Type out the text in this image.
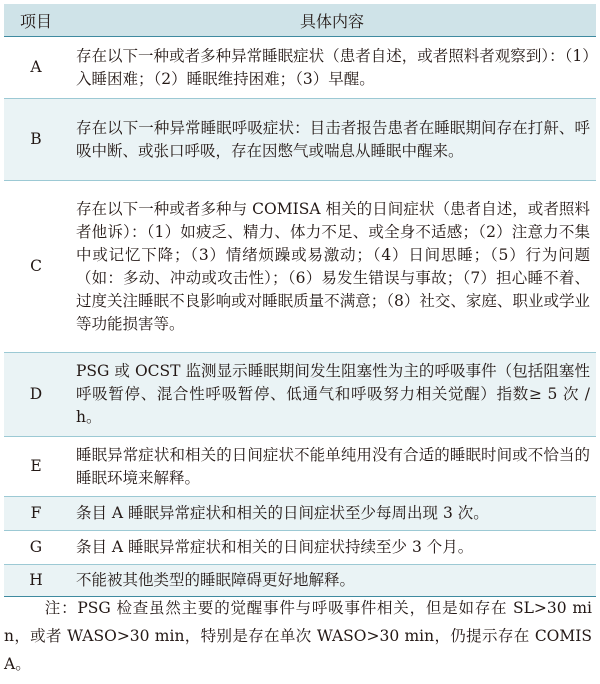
项目	具体内容
A	存在以下一种或者多种异常睡眠症状（患者自述，或者照料者观察到）：（1）入睡困难；（2）睡眠维持困难；（3）早醒。
B	存在以下一种异常睡眠呼吸症状：目击者报告患者在睡眠期间存在打鼾、呼吸中断、或张口呼吸，存在因憋气或喘息从睡眠中醒来。
C	存在以下一种或者多种与 COMISA 相关的日间症状（患者自述，或者照料者他诉）：（1）如疲乏、精力、体力不足、或全身不适感；（2）注意力不集中或记忆下降；（3）情绪烦躁或易激动；（4）日间思睡；（5）行为问题（如：多动、冲动或攻击性）；（6）易发生错误与事故；（7）担心睡不着、过度关注睡眠不良影响或对睡眠质量不满意；（8）社交、家庭、职业或学业等功能损害等。
D	PSG 或 OCST 监测显示睡眠期间发生阻塞性为主的呼吸事件（包括阻塞性呼吸暂停、混合性呼吸暂停、低通气和呼吸努力相关觉醒）指数≥ 5 次 /h。
E	睡眠异常症状和相关的日间症状不能单纯用没有合适的睡眠时间或不恰当的睡眠环境来解释。
F	条目 A 睡眠异常症状和相关的日间症状至少每周出现 3 次。
G	条目 A 睡眠异常症状和相关的日间症状持续至少 3 个月。
H	不能被其他类型的睡眠障碍更好地解释。
注：PSG 检查虽然主要的觉醒事件与呼吸事件相关，但是如存在 SL>30 min，或者 WASO>30 min，特别是存在单次 WASO>30 min，仍提示存在 COMISA。
